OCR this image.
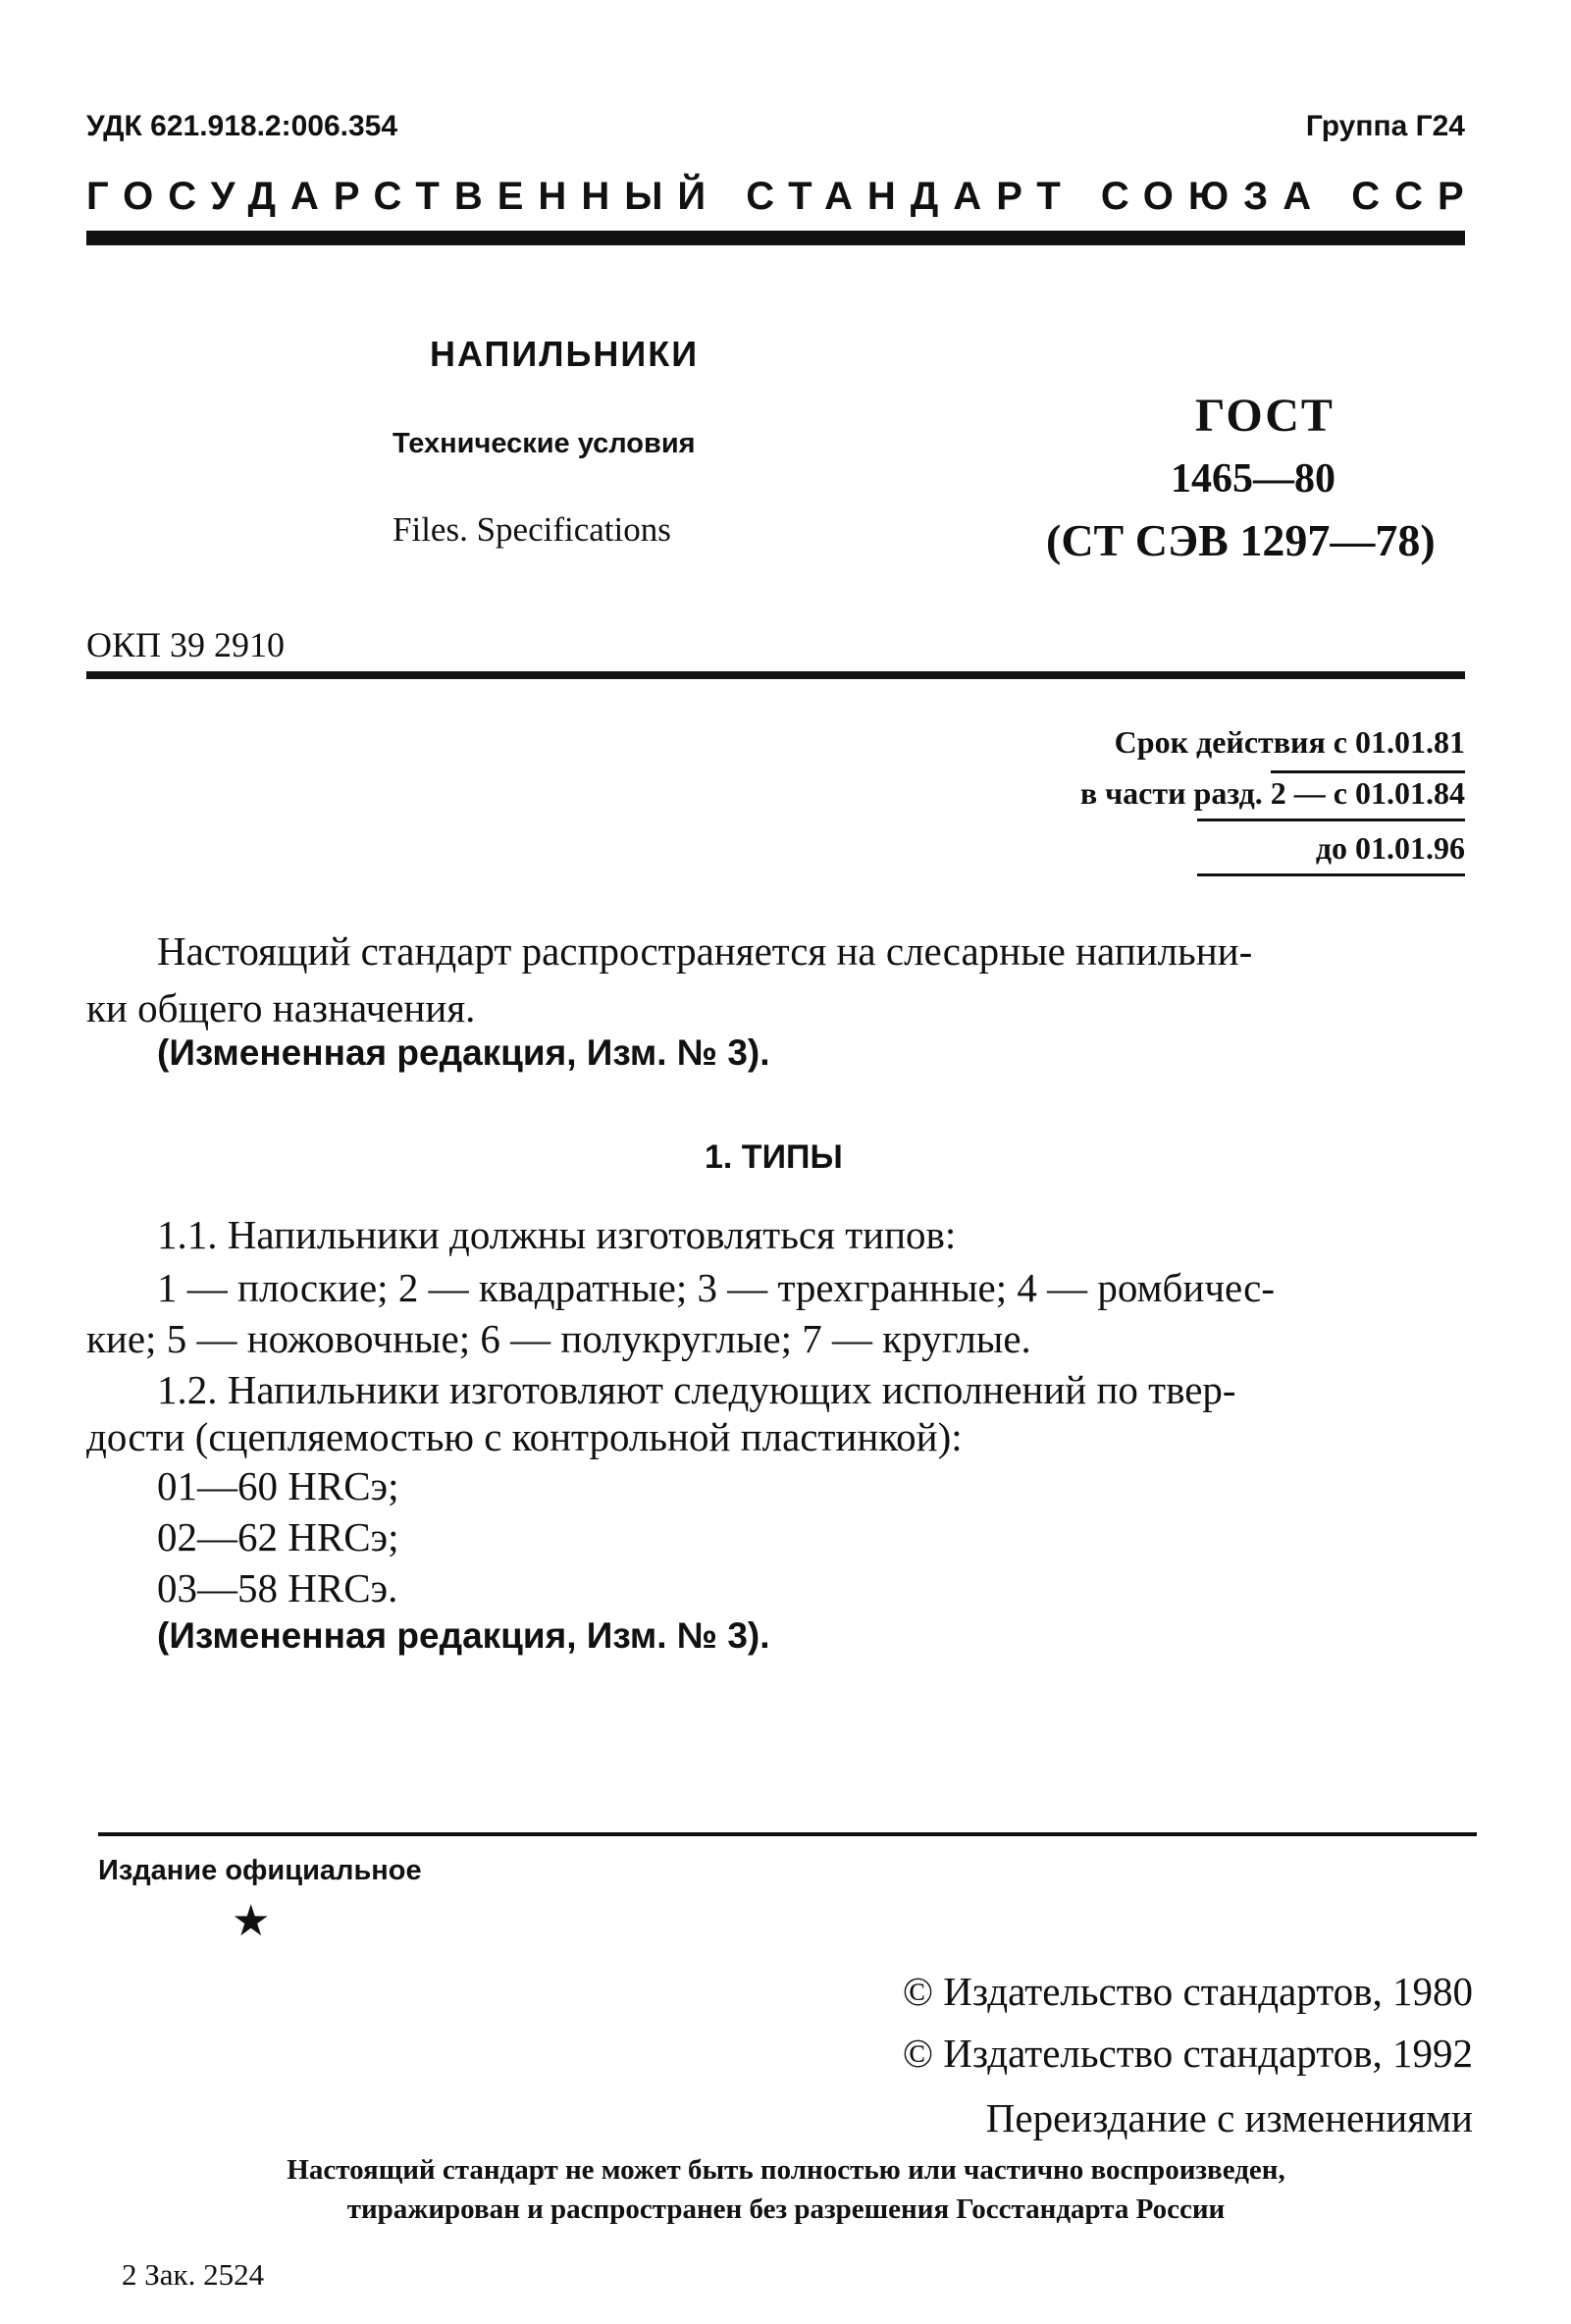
УДК 621.918.2:006.354	Группа Г24
ГОСУДАРСТВЕННЫЙ СТАНДАРТ СОЮЗА ССР
НАПИЛЬНИКИ
Технические условия
Files. Specifications
ГОСТ
1465—80
(СТ СЭВ 1297—78)
ОКП 39 2910
Срок действия с 01.01.81
в части разд. 2 — с 01.01.84
до 01.01.96
Настоящий стандарт распространяется на слесарные напильни-
ки общего назначения.
(Измененная редакция, Изм. № 3).
1. ТИПЫ
1.1. Напильники должны изготовляться типов:
1 — плоские; 2 — квадратные; 3 — трехгранные; 4 — ромбичес-
кие; 5 — ножовочные; 6 — полукруглые; 7 — круглые.
1.2. Напильники изготовляют следующих исполнений по твер-
дости (сцепляемостью с контрольной пластинкой):
01—60 HRCэ;
02—62 HRCэ;
03—58 HRCэ.
(Измененная редакция, Изм. № 3).
Издание официальное
★
© Издательство стандартов, 1980
© Издательство стандартов, 1992
Переиздание с изменениями
Настоящий стандарт не может быть полностью или частично воспроизведен,
тиражирован и распространен без разрешения Госстандарта России
2 Зак. 2524
